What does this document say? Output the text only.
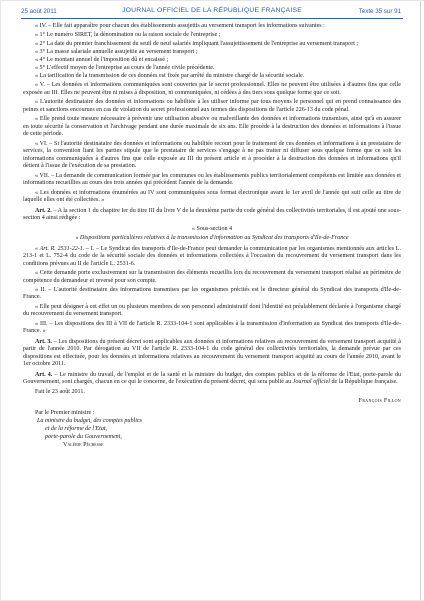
25 août 2011	JOURNAL OFFICIEL DE LA RÉPUBLIQUE FRANÇAISE	Texte 35 sur 91

« IV. – Elle fait apparaître pour chacun des établissements assujettis au versement transport les informations suivantes :

« 1° Le numéro SIRET, la dénomination ou la raison sociale de l'entreprise ;

« 2° La date du premier franchissement du seuil de neuf salariés impliquant l'assujettissement de l'entreprise au versement transport ;

« 3° La masse salariale annuelle assujettie au versement transport ;

« 4° Le montant annuel de l'imposition dû et encaissé ;

« 5° L'effectif moyen de l'entreprise au cours de l'année civile précédente.

« La tarification de la transmission de ces données est fixée par arrêté du ministre chargé de la sécurité sociale.

« V. – Les données et informations communiquées sont couvertes par le secret professionnel. Elles ne peuvent être utilisées à d'autres fins que celle exposée au III. Elles ne peuvent être ni mises à disposition, ni communiquées, ni cédées à des tiers sous quelque forme que ce soit.

« L'autorité destinataire des données et informations ou habilitée à les utiliser informe par tous moyens le personnel qui en prend connaissance des peines et sanctions encourues en cas de violation du secret professionnel aux termes des dispositions de l'article 226-13 du code pénal.

« Elle prend toute mesure nécessaire à prévenir une utilisation abusive ou malveillante des données et informations transmises, ainsi qu'à en assurer en toute sécurité la conservation et l'archivage pendant une durée maximale de six ans. Elle procède à la destruction des données et informations à l'issue de cette période.

« VI. – Si l'autorité destinataire des données et informations ou habilitée recourt pour le traitement de ces données et informations à un prestataire de services, la convention liant les parties stipule que le prestataire de services s'engage à ne pas traiter ni diffuser sous quelque forme que ce soit les informations communiquées à d'autres fins que celle exposée au III du présent article et à procéder à la destruction des données et informations qu'il détient à l'issue de l'exécution de sa prestation.

« VII. – La demande de communication formée par les communes ou les établissements publics territorialement compétents est limitée aux données et informations recueillies au cours des trois années qui précèdent l'année de la demande.

« Les données et informations énumérées au IV sont communiquées sous format électronique avant le 1er avril de l'année qui suit celle au titre de laquelle elles ont été collectées. »

Art. 2. – A la section 1 du chapitre Ier du titre III du livre V de la deuxième partie du code général des collectivités territoriales, il est ajouté une sous-section 4 ainsi rédigée :

« Sous-section 4

« Dispositions particulières relatives à la transmission d'information au Syndicat des transports d'Ile-de-France

« Art. R. 2531-22-1. – I. – Le Syndicat des transports d'Ile-de-France peut demander la communication par les organismes mentionnés aux articles L. 213-1 et L. 752-4 du code de la sécurité sociale des données et informations collectées à l'occasion du recouvrement du versement transport dans les conditions prévues au II de l'article L. 2531-6.

« Cette demande porte exclusivement sur la transmission des éléments recueillis lors du recouvrement du versement transport réalisé au périmètre de compétence du demandeur et reversé pour son compte.

« II. – L'autorité destinataire des informations transmises par les organismes précités est le directeur général du Syndicat des transports d'Ile-de-France.

« Elle peut désigner à cet effet un ou plusieurs membres de son personnel administratif dont l'identité est préalablement déclarée à l'organisme chargé du recouvrement du versement transport.

« III. – Les dispositions des III à VII de l'article R. 2333-104-1 sont applicables à la transmission d'information au Syndicat des transports d'Ile-de-France. »

Art. 3. – Les dispositions du présent décret sont applicables aux données et informations relatives au recouvrement du versement transport acquitté à partir de l'année 2010. Par dérogation au VII de l'article R. 2333-104-1 du code général des collectivités territoriales, la demande prévue par ces dispositions est effectuée, pour les données et informations relatives au recouvrement du versement transport acquitté au cours de l'année 2010, avant le 1er octobre 2011.

Art. 4. – Le ministre du travail, de l'emploi et de la santé et la ministre du budget, des comptes publics et de la réforme de l'Etat, porte-parole du Gouvernement, sont chargés, chacun en ce qui le concerne, de l'exécution du présent décret, qui sera publié au Journal officiel de la République française.

Fait le 23 août 2011.

François Fillon

Par le Premier ministre :

La ministre du budget, des comptes publics

et de la réforme de l'Etat,

porte-parole du Gouvernement,

Valérie Pécresse
